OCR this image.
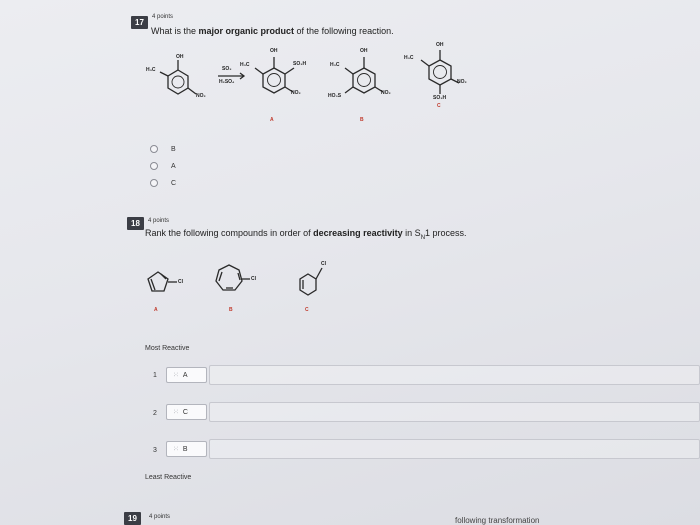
17
4 points
What is the major organic product of the following reaction.
OH
H₃C
NO₂
SO₃
H₂SO₄
OH
H₃C	SO₃H
NO₂
A
OH
H₃C
HO₃S	NO₂
B
OH
H₃C
NO₂
SO₃H
C
B
A
C
18	4 points
Rank the following compounds in order of decreasing reactivity in $S_N1$ process.
Cl	Cl
Cl
A	B	C
Most Reactive
1 ⁙ A
2 ⁙ C
3 ⁙ B
Least Reactive
19	4 points	following transformation
